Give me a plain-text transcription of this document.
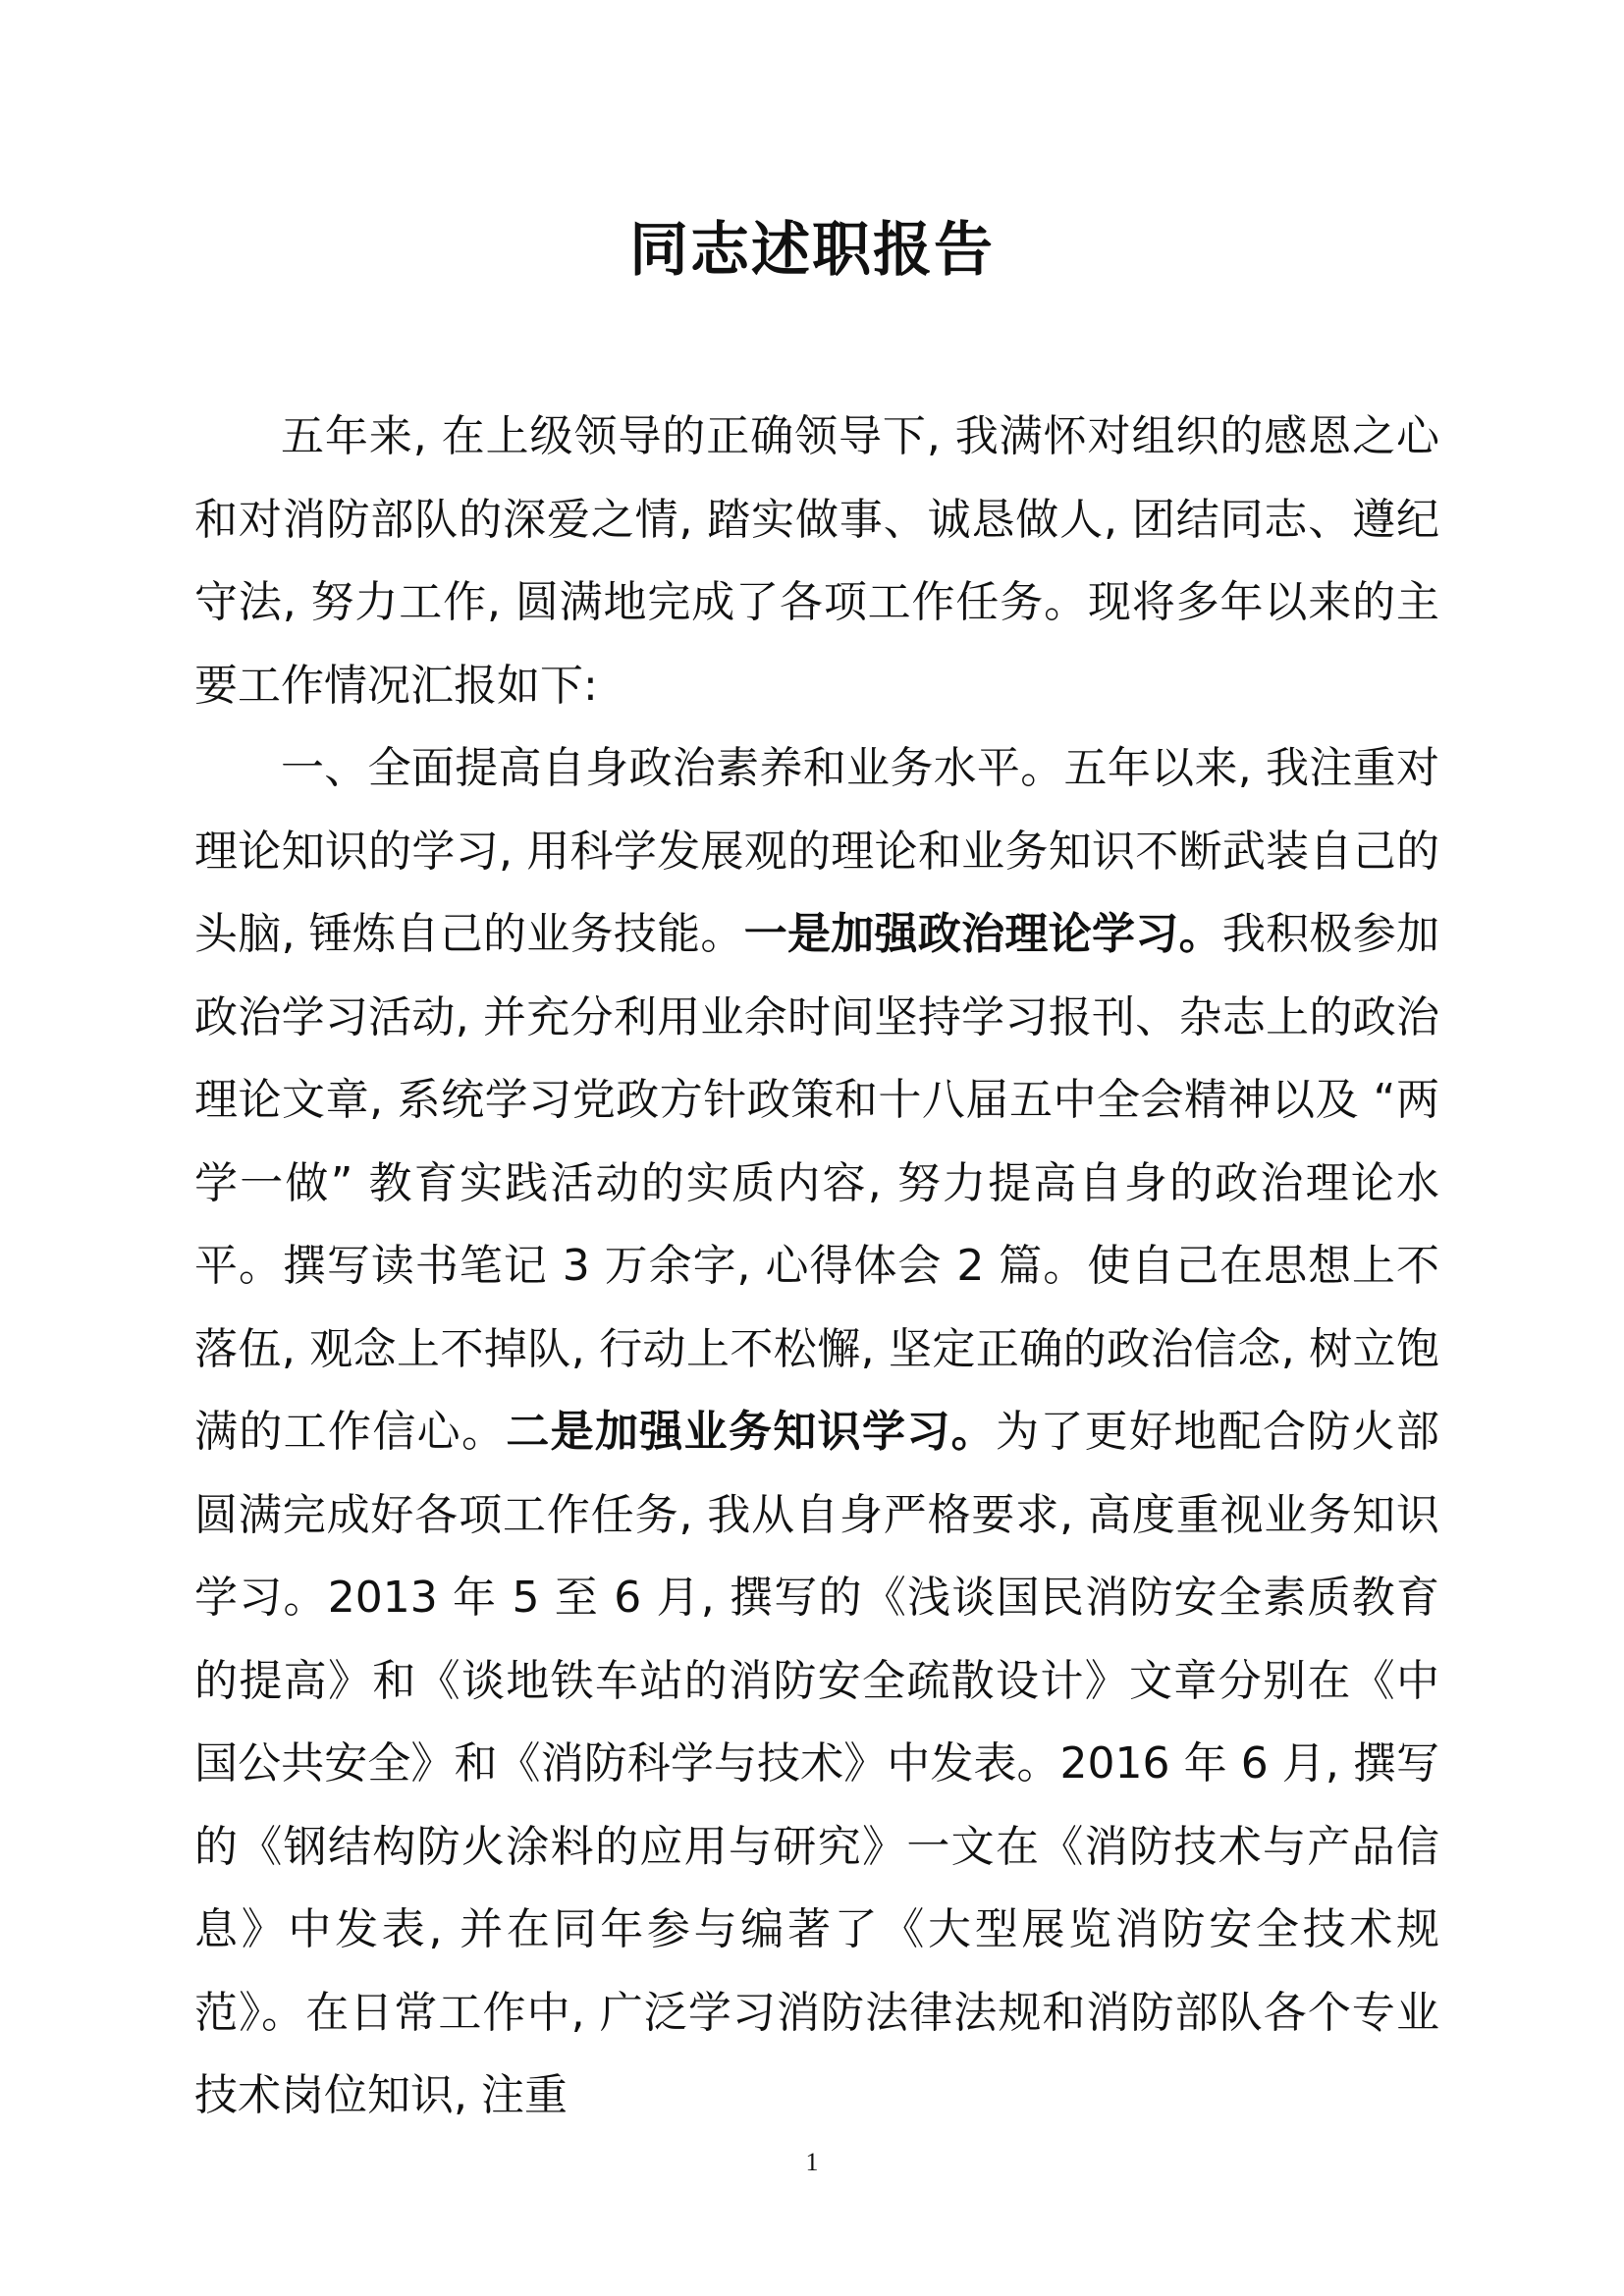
同志述职报告

五年来, 在上级领导的正确领导下, 我满怀对组织的感恩之心和对消防部队的深爱之情, 踏实做事、诚恳做人, 团结同志、遵纪守法, 努力工作, 圆满地完成了各项工作任务。现将多年以来的主要工作情况汇报如下:

一、全面提高自身政治素养和业务水平。五年以来, 我注重对理论知识的学习, 用科学发展观的理论和业务知识不断武装自己的头脑, 锤炼自己的业务技能。一是加强政治理论学习。我积极参加政治学习活动, 并充分利用业余时间坚持学习报刊、杂志上的政治理论文章, 系统学习党政方针政策和十八届五中全会精神以及 “两学一做” 教育实践活动的实质内容, 努力提高自身的政治理论水平。撰写读书笔记 3 万余字, 心得体会 2 篇。使自己在思想上不落伍, 观念上不掉队, 行动上不松懈, 坚定正确的政治信念, 树立饱满的工作信心。二是加强业务知识学习。为了更好地配合防火部圆满完成好各项工作任务, 我从自身严格要求, 高度重视业务知识学习。2013 年 5 至 6 月, 撰写的《浅谈国民消防安全素质教育的提高》和《谈地铁车站的消防安全疏散设计》文章分别在《中国公共安全》和《消防科学与技术》中发表。2016 年 6 月, 撰写的《钢结构防火涂料的应用与研究》一文在《消防技术与产品信息》中发表, 并在同年参与编著了《大型展览消防安全技术规范》。在日常工作中, 广泛学习消防法律法规和消防部队各个专业技术岗位知识, 注重

1
